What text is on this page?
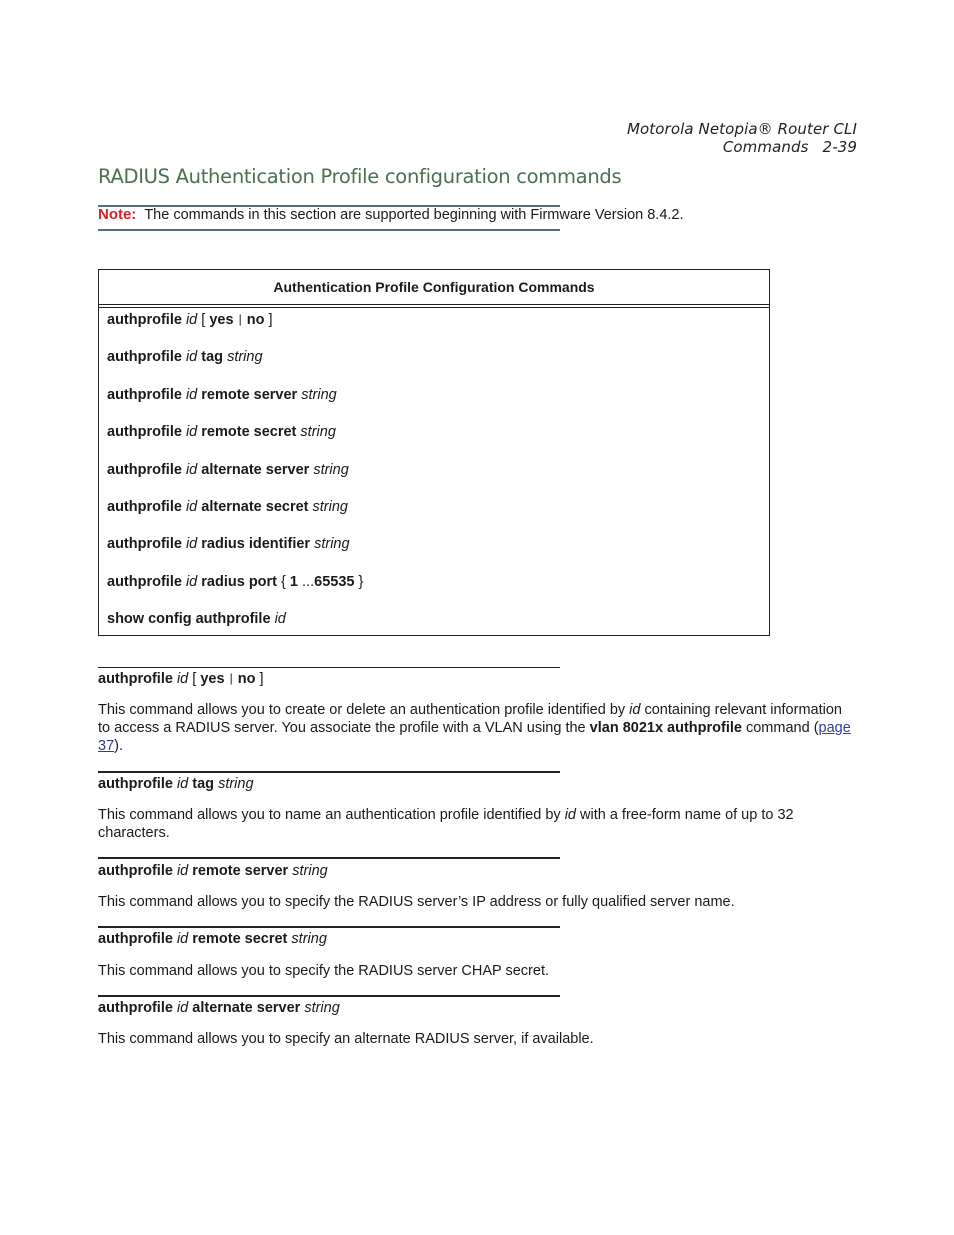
Motorola Netopia® Router CLI Commands 2-39
RADIUS Authentication Profile configuration commands
Note: The commands in this section are supported beginning with Firmware Version 8.4.2.
Authentication Profile Configuration Commands
authprofile id [ yes | no ]
authprofile id tag string
authprofile id remote server string
authprofile id remote secret string
authprofile id alternate server string
authprofile id alternate secret string
authprofile id radius identifier string
authprofile id radius port { 1 ...65535 }
show config authprofile id
authprofile id [ yes | no ]
This command allows you to create or delete an authentication profile identified by id containing relevant information to access a RADIUS server. You associate the profile with a VLAN using the vlan 8021x authprofile command (page 37).
authprofile id tag string
This command allows you to name an authentication profile identified by id with a free-form name of up to 32 characters.
authprofile id remote server string
This command allows you to specify the RADIUS server’s IP address or fully qualified server name.
authprofile id remote secret string
This command allows you to specify the RADIUS server CHAP secret.
authprofile id alternate server string
This command allows you to specify an alternate RADIUS server, if available.
